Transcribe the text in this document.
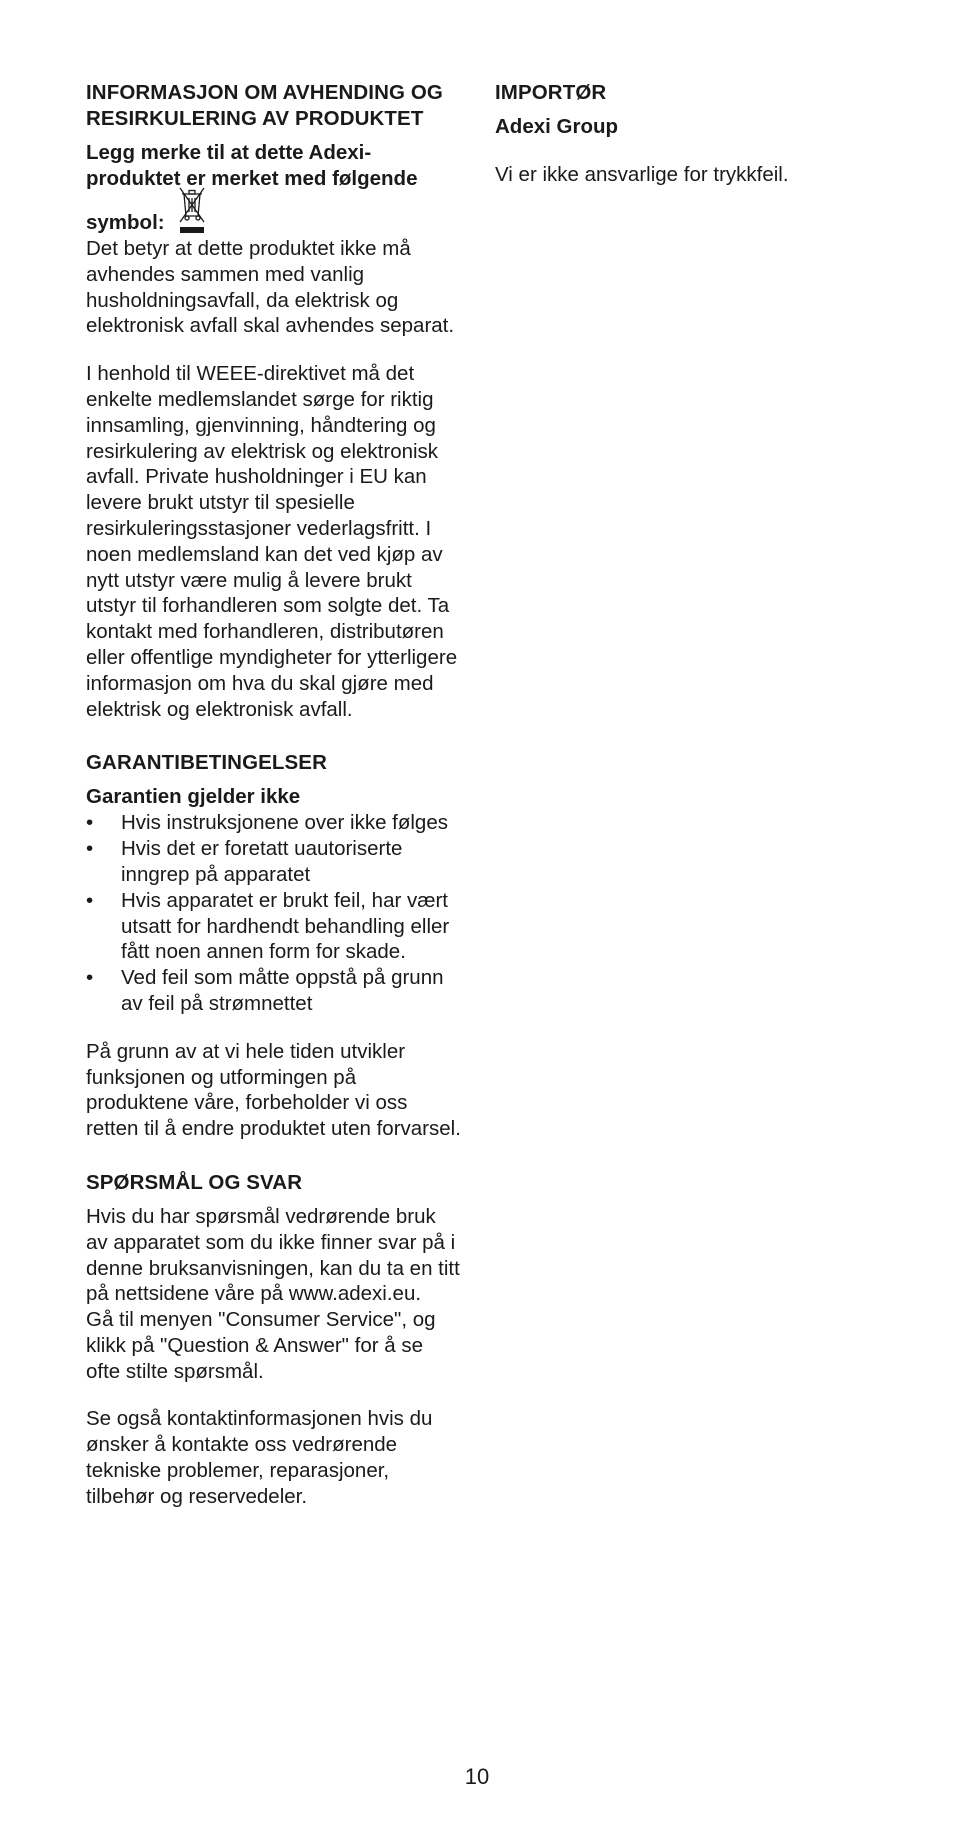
INFORMASJON OM AVHENDING OG RESIRKULERING AV PRODUKTET

Legg merke til at dette Adexi-produktet er merket med følgende

symbol:

Det betyr at dette produktet ikke må avhendes sammen med vanlig husholdningsavfall, da elektrisk og elektronisk avfall skal avhendes separat.

I henhold til WEEE-direktivet må det enkelte medlemslandet sørge for riktig innsamling, gjenvinning, håndtering og resirkulering av elektrisk og elektronisk avfall. Private husholdninger i EU kan levere brukt utstyr til spesielle resirkuleringsstasjoner vederlagsfritt. I noen medlemsland kan det ved kjøp av nytt utstyr være mulig å levere brukt utstyr til forhandleren som solgte det. Ta kontakt med forhandleren, distributøren eller offentlige myndigheter for ytterligere informasjon om hva du skal gjøre med elektrisk og elektronisk avfall.

GARANTIBETINGELSER

Garantien gjelder ikke

• Hvis instruksjonene over ikke følges
• Hvis det er foretatt uautoriserte inngrep på apparatet
• Hvis apparatet er brukt feil, har vært utsatt for hardhendt behandling eller fått noen annen form for skade.
• Ved feil som måtte oppstå på grunn av feil på strømnettet

På grunn av at vi hele tiden utvikler funksjonen og utformingen på produktene våre, forbeholder vi oss retten til å endre produktet uten forvarsel.

SPØRSMÅL OG SVAR

Hvis du har spørsmål vedrørende bruk av apparatet som du ikke finner svar på i denne bruksanvisningen, kan du ta en titt på nettsidene våre på www.adexi.eu.

Gå til menyen "Consumer Service", og klikk på "Question & Answer" for å se ofte stilte spørsmål.

Se også kontaktinformasjonen hvis du ønsker å kontakte oss vedrørende tekniske problemer, reparasjoner, tilbehør og reservedeler.

IMPORTØR

Adexi Group

Vi er ikke ansvarlige for trykkfeil.

10
